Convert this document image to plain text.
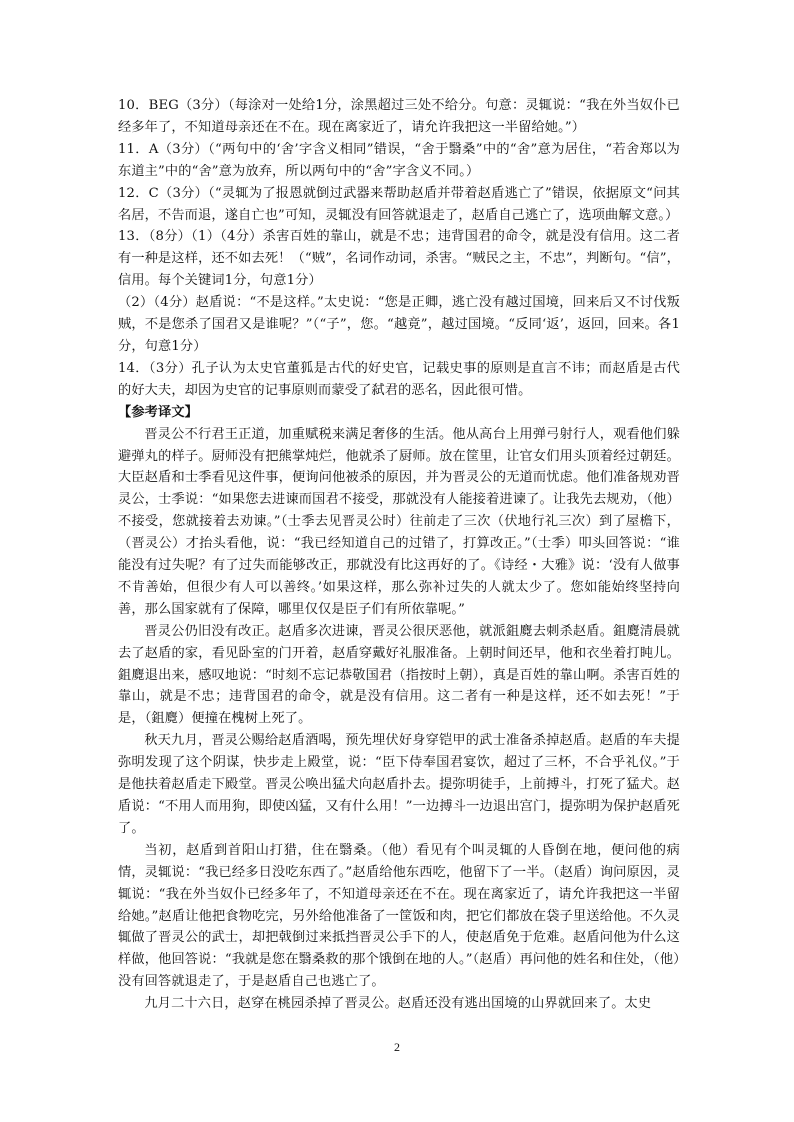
10．BEG（3分）（每涂对一处给1分，涂黑超过三处不给分。句意：灵辄说：“我在外当奴仆已经多年了，不知道母亲还在不在。现在离家近了，请允许我把这一半留给她。”）

11．A（3分）（“两句中的‘舍’字含义相同”错误，“舍于翳桑”中的“舍”意为居住，“若舍郑以为东道主”中的“舍”意为放弃，所以两句中的“舍”字含义不同。）

12．C（3分）（“灵辄为了报恩就倒过武器来帮助赵盾并带着赵盾逃亡了”错误，依据原文“问其名居，不告而退，遂自亡也”可知，灵辄没有回答就退走了，赵盾自己逃亡了，选项曲解文意。）

13．（8分）（1）（4分）杀害百姓的靠山，就是不忠；违背国君的命令，就是没有信用。这二者有一种是这样，还不如去死！（“贼”，名词作动词，杀害。“贼民之主，不忠”，判断句。“信”，信用。每个关键词1分，句意1分）

（2）（4分）赵盾说：“不是这样。”太史说：“您是正卿，逃亡没有越过国境，回来后又不讨伐叛贼，不是您杀了国君又是谁呢？”（“子”，您。“越竟”，越过国境。“反同‘返’，返回，回来。各1分，句意1分）

14．（3分）孔子认为太史官董狐是古代的好史官，记载史事的原则是直言不讳；而赵盾是古代的好大夫，却因为史官的记事原则而蒙受了弑君的恶名，因此很可惜。

【参考译文】

晋灵公不行君王正道，加重赋税来满足奢侈的生活。他从高台上用弹弓射行人，观看他们躲避弹丸的样子。厨师没有把熊掌炖烂，他就杀了厨师。放在筐里，让官女们用头顶着经过朝廷。大臣赵盾和士季看见这件事，便询问他被杀的原因，并为晋灵公的无道而忧虑。他们准备规劝晋灵公，士季说：“如果您去进谏而国君不接受，那就没有人能接着进谏了。让我先去规劝，（他）不接受，您就接着去劝谏。”（士季去见晋灵公时）往前走了三次（伏地行礼三次）到了屋檐下，（晋灵公）才抬头看他，说：“我已经知道自己的过错了，打算改正。”（士季）叩头回答说：“谁能没有过失呢？有了过失而能够改正，那就没有比这再好的了。《诗经・大雅》说：‘没有人做事不肯善始，但很少有人可以善终。’如果这样，那么弥补过失的人就太少了。您如能始终坚持向善，那么国家就有了保障，哪里仅仅是臣子们有所依靠呢。”

晋灵公仍旧没有改正。赵盾多次进谏，晋灵公很厌恶他，就派鉏麑去刺杀赵盾。鉏麑清晨就去了赵盾的家，看见卧室的门开着，赵盾穿戴好礼服准备。上朝时间还早，他和衣坐着打盹儿。鉏麑退出来，感叹地说：“时刻不忘记恭敬国君（指按时上朝），真是百姓的靠山啊。杀害百姓的靠山，就是不忠；违背国君的命令，就是没有信用。这二者有一种是这样，还不如去死！”于是，（鉏麑）便撞在槐树上死了。

秋天九月，晋灵公赐给赵盾酒喝，预先埋伏好身穿铠甲的武士准备杀掉赵盾。赵盾的车夫提弥明发现了这个阴谋，快步走上殿堂，说：“臣下侍奉国君宴饮，超过了三杯，不合乎礼仪。”于是他扶着赵盾走下殿堂。晋灵公唤出猛犬向赵盾扑去。提弥明徒手，上前搏斗，打死了猛犬。赵盾说：“不用人而用狗，即使凶猛，又有什么用！”一边搏斗一边退出宫门，提弥明为保护赵盾死了。

当初，赵盾到首阳山打猎，住在翳桑。（他）看见有个叫灵辄的人昏倒在地，便问他的病情，灵辄说：“我已经多日没吃东西了。”赵盾给他东西吃，他留下了一半。（赵盾）询问原因，灵辄说：“我在外当奴仆已经多年了，不知道母亲还在不在。现在离家近了，请允许我把这一半留给她。”赵盾让他把食物吃完，另外给他准备了一筐饭和肉，把它们都放在袋子里送给他。不久灵辄做了晋灵公的武士，却把戟倒过来抵挡晋灵公手下的人，使赵盾免于危难。赵盾问他为什么这样做，他回答说：“我就是您在翳桑救的那个饿倒在地的人。”（赵盾）再问他的姓名和住处，（他）没有回答就退走了，于是赵盾自己也逃亡了。

九月二十六日，赵穿在桃园杀掉了晋灵公。赵盾还没有逃出国境的山界就回来了。太史

2
